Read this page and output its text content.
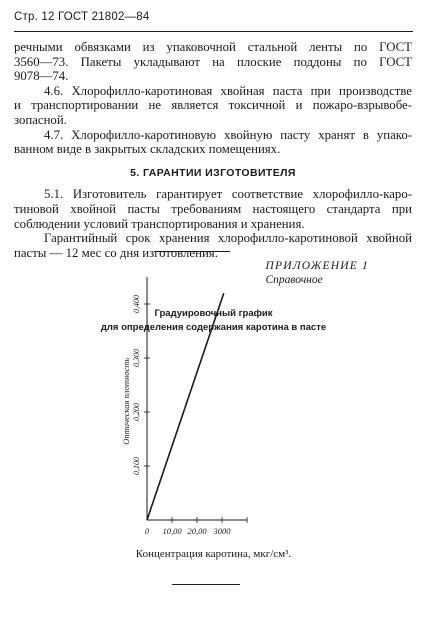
Стр. 12 ГОСТ 21802—84

речными обвязками из упаковочной стальной ленты по ГОСТ

3560—73. Пакеты укладывают на плоские поддоны по ГОСТ

9078—74.

4.6. Хлорофилло-каротиновая хвойная паста при производстве

и транспортировании не является токсичной и пожаро-взрывобе-

зопасной.

4.7. Хлорофилло-каротиновую хвойную пасту хранят в упако-

ванном виде в закрытых складских помещениях.

5. ГАРАНТИИ ИЗГОТОВИТЕЛЯ

5.1. Изготовитель гарантирует соответствие хлорофилло-каро-

тиновой хвойной пасты требованиям настоящего стандарта при

соблюдении условий транспортирования и хранения.

Гарантийный срок хранения хлорофилло-каротиновой хвойной

пасты — 12 мес со дня изготовления.

ПРИЛОЖЕНИЕ 1
Справочное
Градуировочный график
для определения содержания каротина в пасте
0 10,00 20,00 3000
0,100
0,200
0,300
0,400
Оптическая плотность
Концентрация каротина, мкг/см³.
